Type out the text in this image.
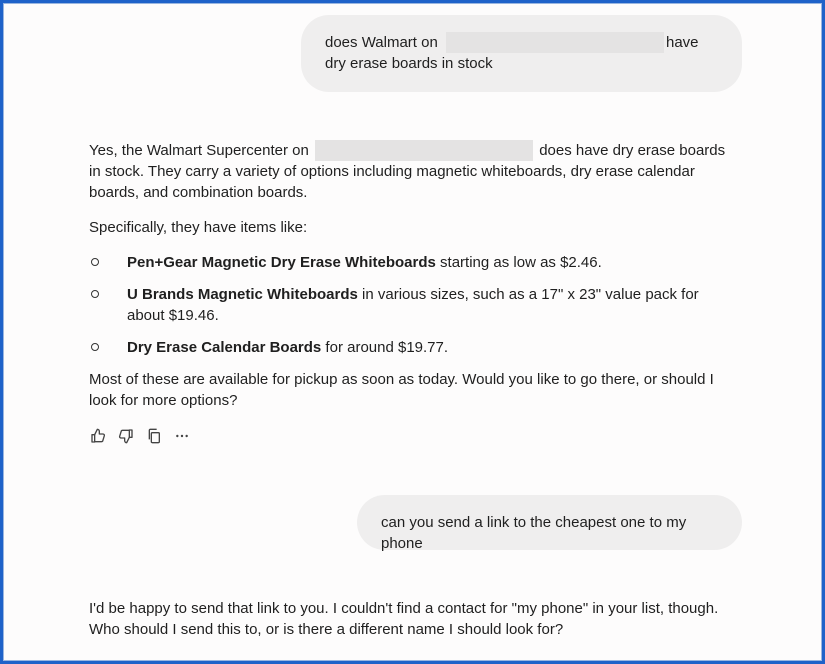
does Walmart on	have dry erase boards in stock

Yes, the Walmart Supercenter on	does have dry erase boards in stock. They carry a variety of options including magnetic whiteboards, dry erase calendar boards, and combination boards.

Specifically, they have items like:

Pen+Gear Magnetic Dry Erase Whiteboards starting as low as $2.46.
U Brands Magnetic Whiteboards in various sizes, such as a 17" x 23" value pack for about $19.46.
Dry Erase Calendar Boards for around $19.77.

Most of these are available for pickup as soon as today. Would you like to go there, or should I look for more options?

can you send a link to the cheapest one to my phone

I'd be happy to send that link to you. I couldn't find a contact for "my phone" in your list, though. Who should I send this to, or is there a different name I should look for?
